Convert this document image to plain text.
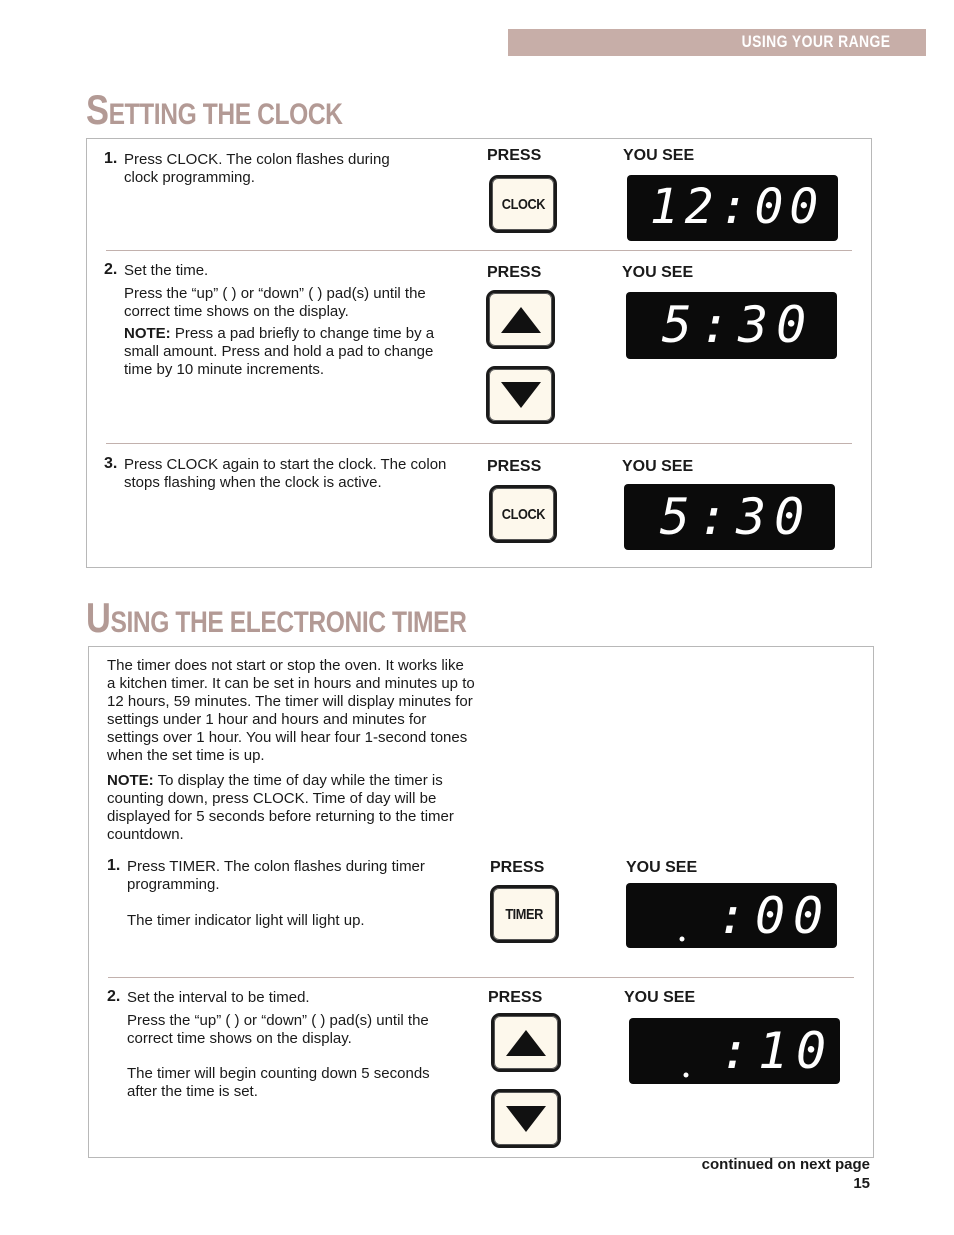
USING YOUR RANGE
SETTING THE CLOCK
1. Press CLOCK. The colon flashes during clock programming.
PRESS	YOU SEE
CLOCK 12:00
2. Set the time.
Press the “up” ( ) or “down” ( ) pad(s) until the correct time shows on the display.
NOTE: Press a pad briefly to change time by a small amount. Press and hold a pad to change time by 10 minute increments.
PRESS	YOU SEE
5:30
3. Press CLOCK again to start the clock. The colon stops flashing when the clock is active.
PRESS	YOU SEE
CLOCK 5:30
USING THE ELECTRONIC TIMER
The timer does not start or stop the oven. It works like a kitchen timer. It can be set in hours and minutes up to 12 hours, 59 minutes. The timer will display minutes for settings under 1 hour and hours and minutes for settings over 1 hour. You will hear four 1-second tones when the set time is up.
NOTE: To display the time of day while the timer is counting down, press CLOCK. Time of day will be displayed for 5 seconds before returning to the timer countdown.
1. Press TIMER. The colon flashes during timer programming.
The timer indicator light will light up.
PRESS	YOU SEE
TIMER	:00
2. Set the interval to be timed.
Press the “up” ( ) or “down” ( ) pad(s) until the correct time shows on the display.
The timer will begin counting down 5 seconds after the time is set.
PRESS	YOU SEE
:10
continued on next page
15
